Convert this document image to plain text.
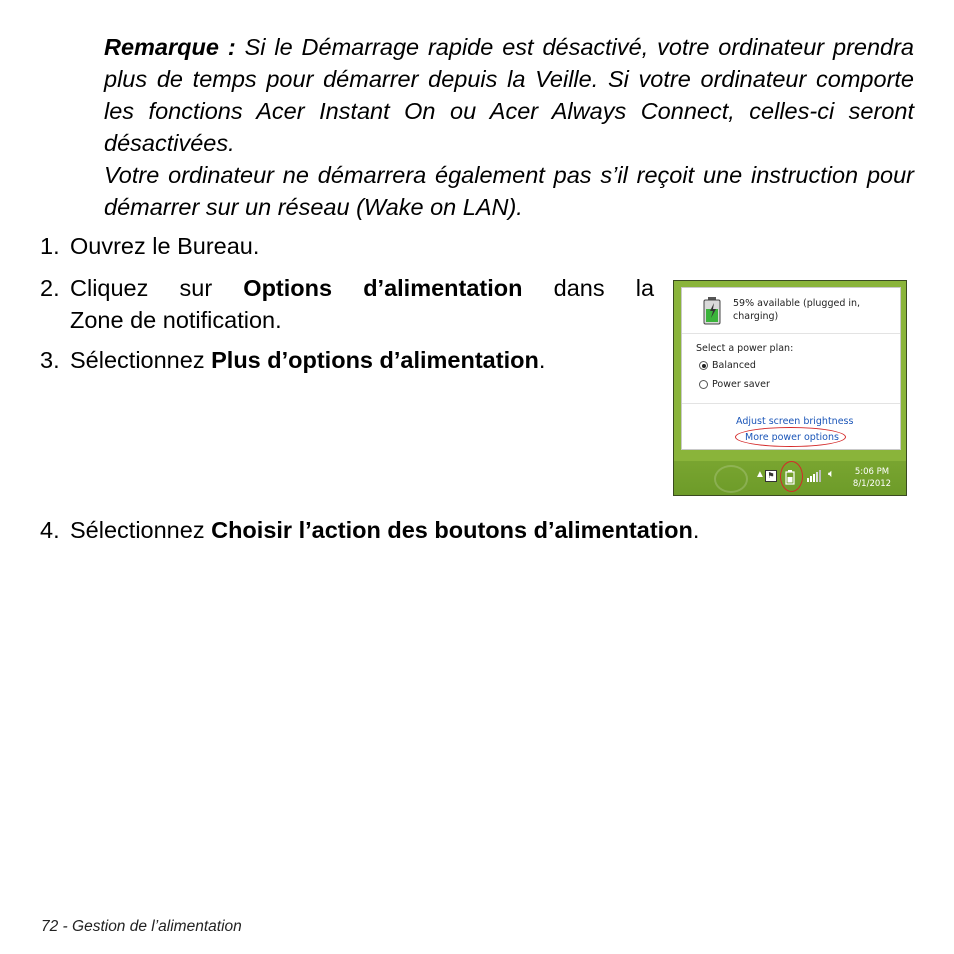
Remarque : Si le Démarrage rapide est désactivé, votre ordinateur prendra plus de temps pour démarrer depuis la Veille. Si votre ordinateur comporte les fonctions Acer Instant On ou Acer Always Connect, celles-ci seront désactivées.

Votre ordinateur ne démarrera également pas s’il reçoit une instruction pour démarrer sur un réseau (Wake on LAN).

1. Ouvrez le Bureau.
2. Cliquez sur Options d’alimentation dans la
Zone de notification.
3. Sélectionnez Plus d’options d’alimentation.
4. Sélectionnez Choisir l’action des boutons d’alimentation.
59% available (plugged in, charging)
Select a power plan:
Balanced
Power saver
Adjust screen brightness
More power options
▲ ⚑	🔈︎	5:06 PM
8/1/2012
72 - Gestion de l’alimentation
